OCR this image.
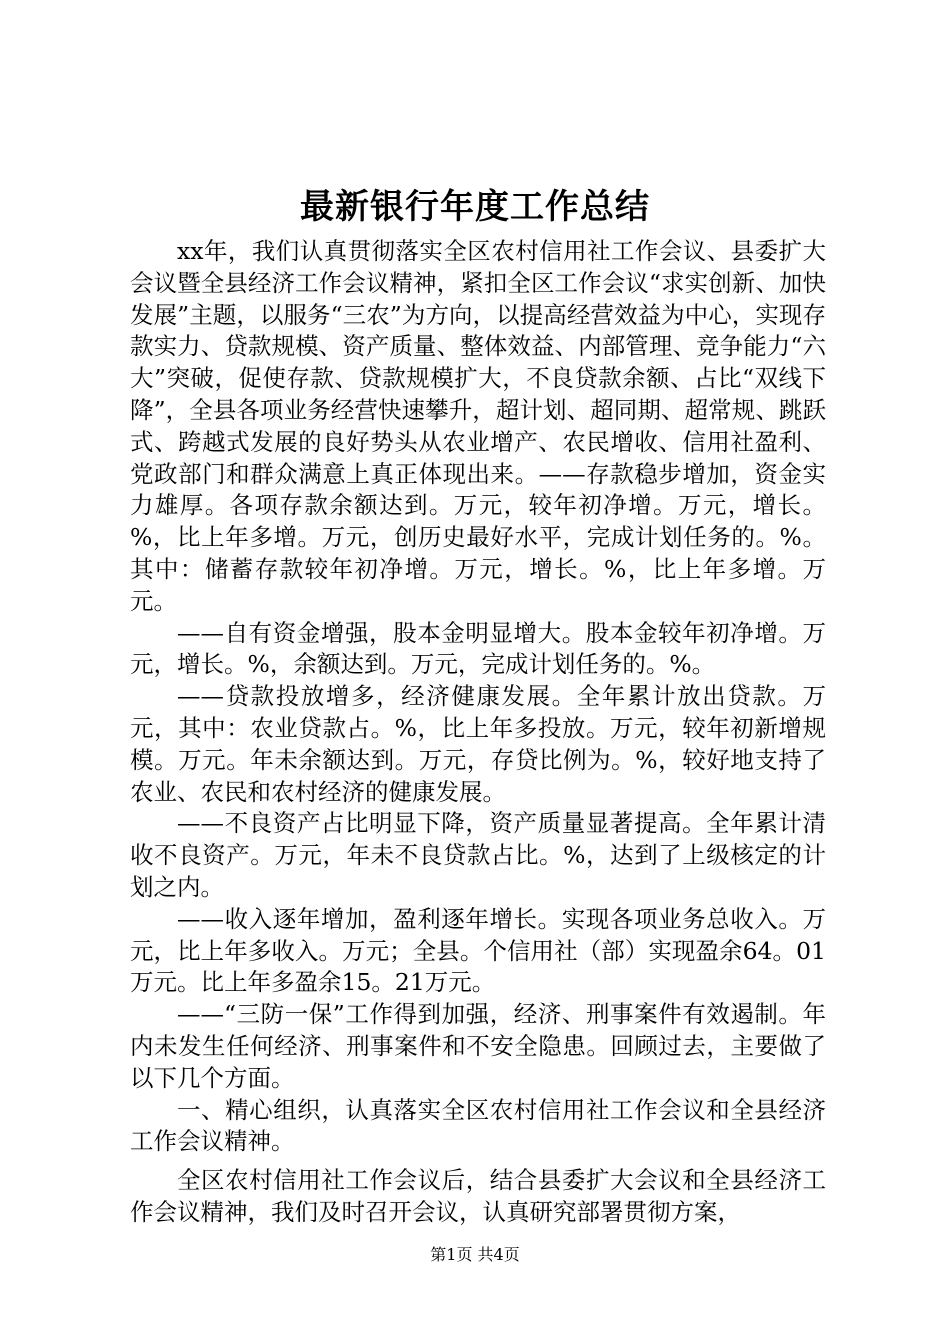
最新银行年度工作总结

xx年，我们认真贯彻落实全区农村信用社工作会议、县委扩大会议暨全县经济工作会议精神，紧扣全区工作会议“求实创新、加快发展”主题，以服务“三农”为方向，以提高经营效益为中心，实现存款实力、贷款规模、资产质量、整体效益、内部管理、竞争能力“六大”突破，促使存款、贷款规模扩大，不良贷款余额、占比“双线下降”，全县各项业务经营快速攀升，超计划、超同期、超常规、跳跃式、跨越式发展的良好势头从农业增产、农民增收、信用社盈利、党政部门和群众满意上真正体现出来。——存款稳步增加，资金实力雄厚。各项存款余额达到。万元，较年初净增。万元，增长。%，比上年多增。万元，创历史最好水平，完成计划任务的。%。其中：储蓄存款较年初净增。万元，增长。%，比上年多增。万元。

——自有资金增强，股本金明显增大。股本金较年初净增。万元，增长。%，余额达到。万元，完成计划任务的。%。

——贷款投放增多，经济健康发展。全年累计放出贷款。万元，其中：农业贷款占。%，比上年多投放。万元，较年初新增规模。万元。年未余额达到。万元，存贷比例为。%，较好地支持了农业、农民和农村经济的健康发展。

——不良资产占比明显下降，资产质量显著提高。全年累计清收不良资产。万元，年未不良贷款占比。%，达到了上级核定的计划之内。

——收入逐年增加，盈利逐年增长。实现各项业务总收入。万元，比上年多收入。万元；全县。个信用社（部）实现盈余64。01万元。比上年多盈余15。21万元。

——“三防一保”工作得到加强，经济、刑事案件有效遏制。年内未发生任何经济、刑事案件和不安全隐患。回顾过去，主要做了以下几个方面。

一、精心组织，认真落实全区农村信用社工作会议和全县经济工作会议精神。

全区农村信用社工作会议后，结合县委扩大会议和全县经济工作会议精神，我们及时召开会议，认真研究部署贯彻方案，

第1页 共4页
